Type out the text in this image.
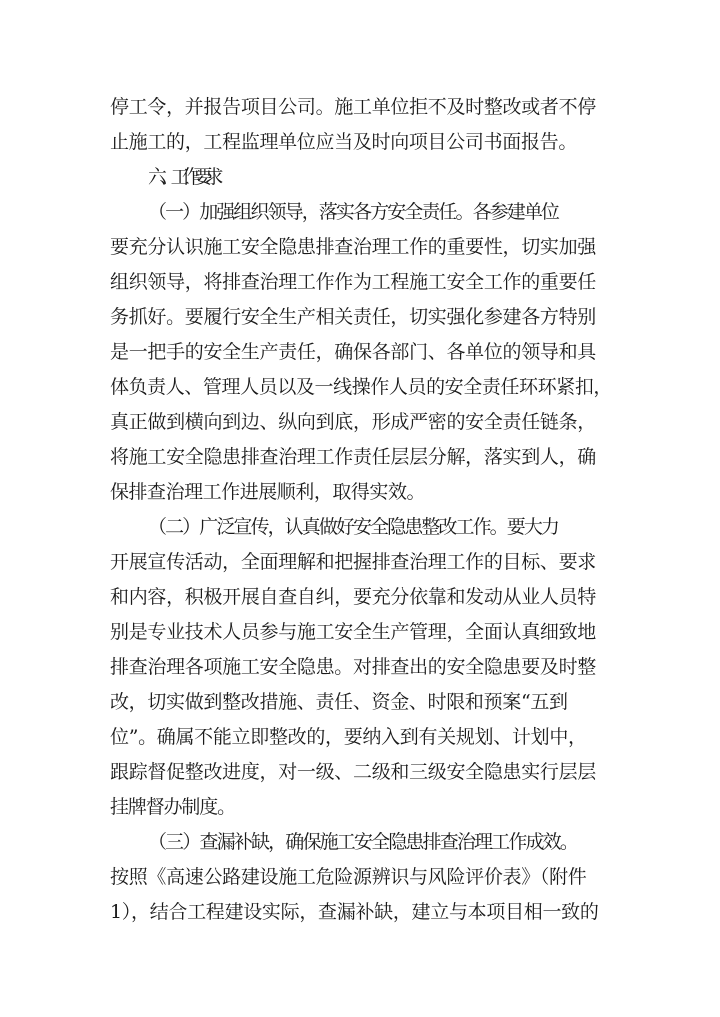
停工令，并报告项目公司。施工单位拒不及时整改或者不停
止施工的，工程监理单位应当及时向项目公司书面报告。
六、工作要求
（一）加强组织领导，落实各方安全责任。各参建单位
要充分认识施工安全隐患排查治理工作的重要性，切实加强
组织领导，将排查治理工作作为工程施工安全工作的重要任
务抓好。要履行安全生产相关责任，切实强化参建各方特别
是一把手的安全生产责任，确保各部门、各单位的领导和具
体负责人、管理人员以及一线操作人员的安全责任环环紧扣，
真正做到横向到边、纵向到底，形成严密的安全责任链条，
将施工安全隐患排查治理工作责任层层分解，落实到人，确
保排查治理工作进展顺利，取得实效。
（二）广泛宣传，认真做好安全隐患整改工作。要大力
开展宣传活动，全面理解和把握排查治理工作的目标、要求
和内容，积极开展自查自纠，要充分依靠和发动从业人员特
别是专业技术人员参与施工安全生产管理，全面认真细致地
排查治理各项施工安全隐患。对排查出的安全隐患要及时整
改，切实做到整改措施、责任、资金、时限和预案“五到
位”。确属不能立即整改的，要纳入到有关规划、计划中，
跟踪督促整改进度，对一级、二级和三级安全隐患实行层层
挂牌督办制度。
（三）查漏补缺，确保施工安全隐患排查治理工作成效。
按照《高速公路建设施工危险源辨识与风险评价表》（附件
1），结合工程建设实际，查漏补缺，建立与本项目相一致的
